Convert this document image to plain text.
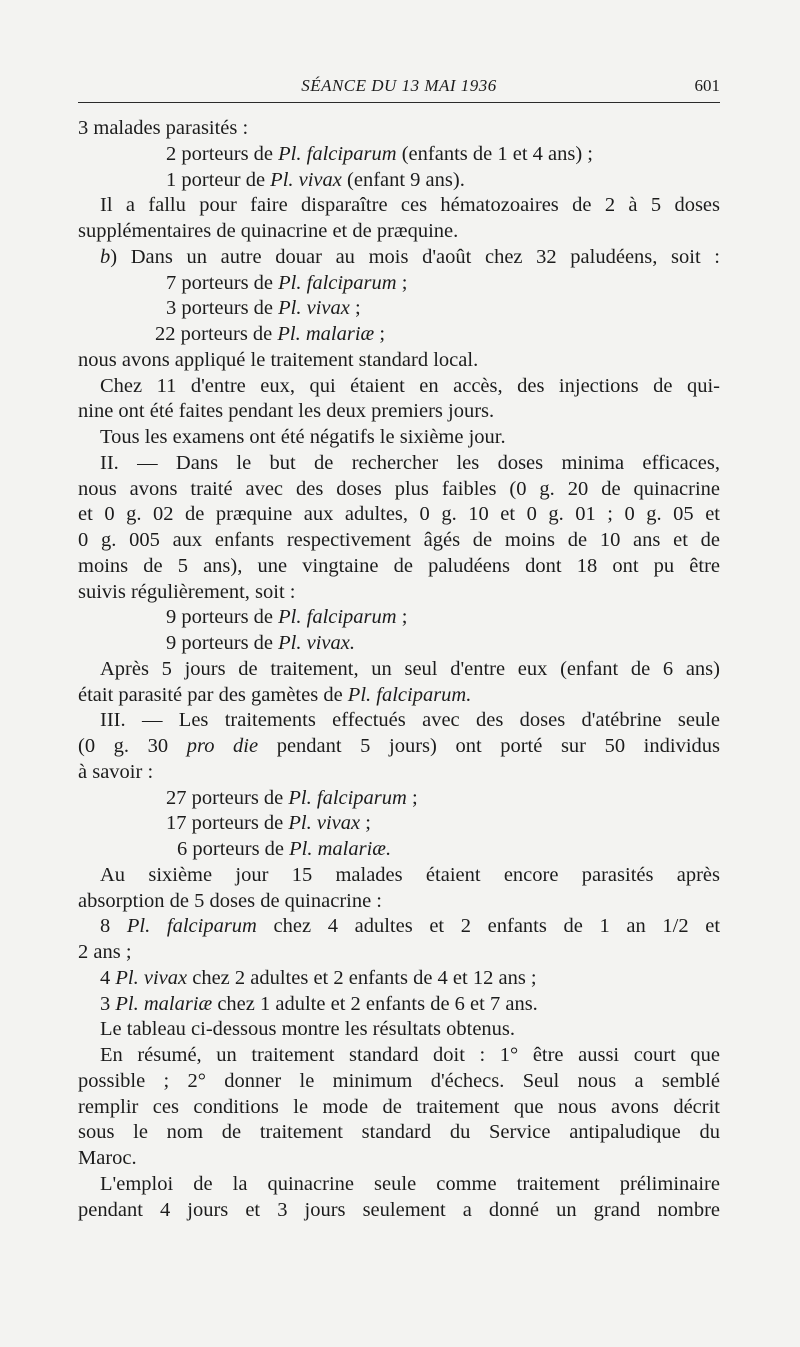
SÉANCE DU 13 MAI 1936	601
3 malades parasités :
2 porteurs de Pl. falciparum (enfants de 1 et 4 ans) ;
1 porteur de Pl. vivax (enfant 9 ans).
Il a fallu pour faire disparaître ces hématozoaires de 2 à 5 doses
supplémentaires de quinacrine et de præquine.
b) Dans un autre douar au mois d'août chez 32 paludéens, soit :
7 porteurs de Pl. falciparum ;
3 porteurs de Pl. vivax ;
22 porteurs de Pl. malariæ ;
nous avons appliqué le traitement standard local.
Chez 11 d'entre eux, qui étaient en accès, des injections de qui-
nine ont été faites pendant les deux premiers jours.
Tous les examens ont été négatifs le sixième jour.
II. — Dans le but de rechercher les doses minima efficaces,
nous avons traité avec des doses plus faibles (0 g. 20 de quinacrine
et 0 g. 02 de præquine aux adultes, 0 g. 10 et 0 g. 01 ; 0 g. 05 et
0 g. 005 aux enfants respectivement âgés de moins de 10 ans et de
moins de 5 ans), une vingtaine de paludéens dont 18 ont pu être
suivis régulièrement, soit :
9 porteurs de Pl. falciparum ;
9 porteurs de Pl. vivax.
Après 5 jours de traitement, un seul d'entre eux (enfant de 6 ans)
était parasité par des gamètes de Pl. falciparum.
III. — Les traitements effectués avec des doses d'atébrine seule
(0 g. 30 pro die pendant 5 jours) ont porté sur 50 individus
à savoir :
27 porteurs de Pl. falciparum ;
17 porteurs de Pl. vivax ;
6 porteurs de Pl. malariæ.
Au sixième jour 15 malades étaient encore parasités après
absorption de 5 doses de quinacrine :
8 Pl. falciparum chez 4 adultes et 2 enfants de 1 an 1/2 et
2 ans ;
4 Pl. vivax chez 2 adultes et 2 enfants de 4 et 12 ans ;
3 Pl. malariæ chez 1 adulte et 2 enfants de 6 et 7 ans.
Le tableau ci-dessous montre les résultats obtenus.
En résumé, un traitement standard doit : 1° être aussi court que
possible ; 2° donner le minimum d'échecs. Seul nous a semblé
remplir ces conditions le mode de traitement que nous avons décrit
sous le nom de traitement standard du Service antipaludique du
Maroc.
L'emploi de la quinacrine seule comme traitement préliminaire
pendant 4 jours et 3 jours seulement a donné un grand nombre
